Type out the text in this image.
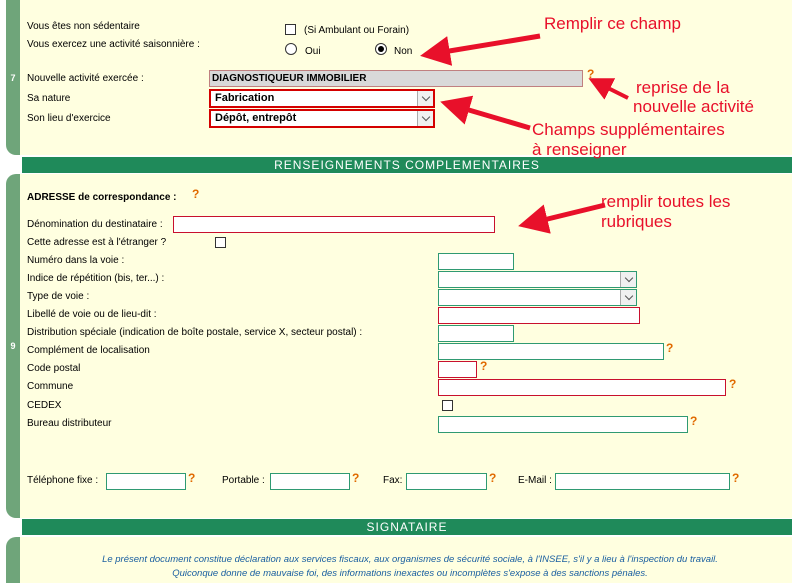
7
Vous êtes non sédentaire	(Si Ambulant ou Forain)
Vous exercez une activité saisonnière :
Oui	Non
Nouvelle activité exercée :	DIAGNOSTIQUEUR IMMOBILIER	?
Sa nature	Fabrication
Son lieu d'exercice	Dépôt, entrepôt
RENSEIGNEMENTS COMPLEMENTAIRES
9
ADRESSE de correspondance : ?
Dénomination du destinataire :
Cette adresse est à l'étranger ?
Numéro dans la voie :
Indice de répétition (bis, ter...) :
Type de voie :
Libellé de voie ou de lieu-dit :
Distribution spéciale (indication de boîte postale, service X, secteur postal) :
Complément de localisation	?
Code postal	?
Commune	?
CEDEX
Bureau distributeur	?
Téléphone fixe :	?	Portable :	? Fax:	? E-Mail :	?
SIGNATAIRE
Le présent document constitue déclaration aux services fiscaux, aux organismes de sécurité sociale, à l'INSEE, s'il y a lieu à l'inspection du travail.
Quiconque donne de mauvaise foi, des informations inexactes ou incomplètes s'expose à des sanctions pénales.
Remplir ce champ
reprise de la
nouvelle activité
Champs supplémentaires
à renseigner
remplir toutes les
rubriques
